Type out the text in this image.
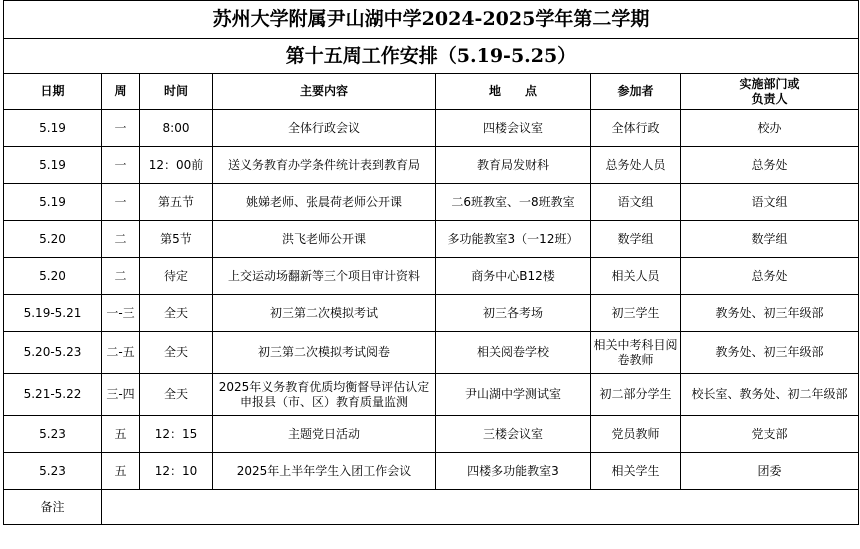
苏州大学附属尹山湖中学2024-2025学年第二学期						
第十五周工作安排（5.19-5.25）						
日期	周	时间	主要内容	地　　点	参加者	实施部门或
负责人
5.19	一	8:00	全体行政会议	四楼会议室	全体行政	校办
5.19	一	12：00前	送义务教育办学条件统计表到教育局	教育局发财科	总务处人员	总务处
5.19	一	第五节	姚娣老师、张晨荷老师公开课	二6班教室、一8班教室	语文组	语文组
5.20	二	第5节	洪飞老师公开课	多功能教室3（一12班）	数学组	数学组
5.20	二	待定	上交运动场翻新等三个项目审计资料	商务中心B12楼	相关人员	总务处
5.19-5.21	一-三	全天	初三第二次模拟考试	初三各考场	初三学生	教务处、初三年级部
5.20-5.23	二-五	全天	初三第二次模拟考试阅卷	相关阅卷学校	相关中考科目阅卷教师	教务处、初三年级部
5.21-5.22	三-四	全天	2025年义务教育优质均衡督导评估认定申报县（市、区）教育质量监测	尹山湖中学测试室	初二部分学生	校长室、教务处、初二年级部
5.23	五	12：15	主题党日活动	三楼会议室	党员教师	党支部
5.23	五	12：10	2025年上半年学生入团工作会议	四楼多功能教室3	相关学生	团委
备注						
